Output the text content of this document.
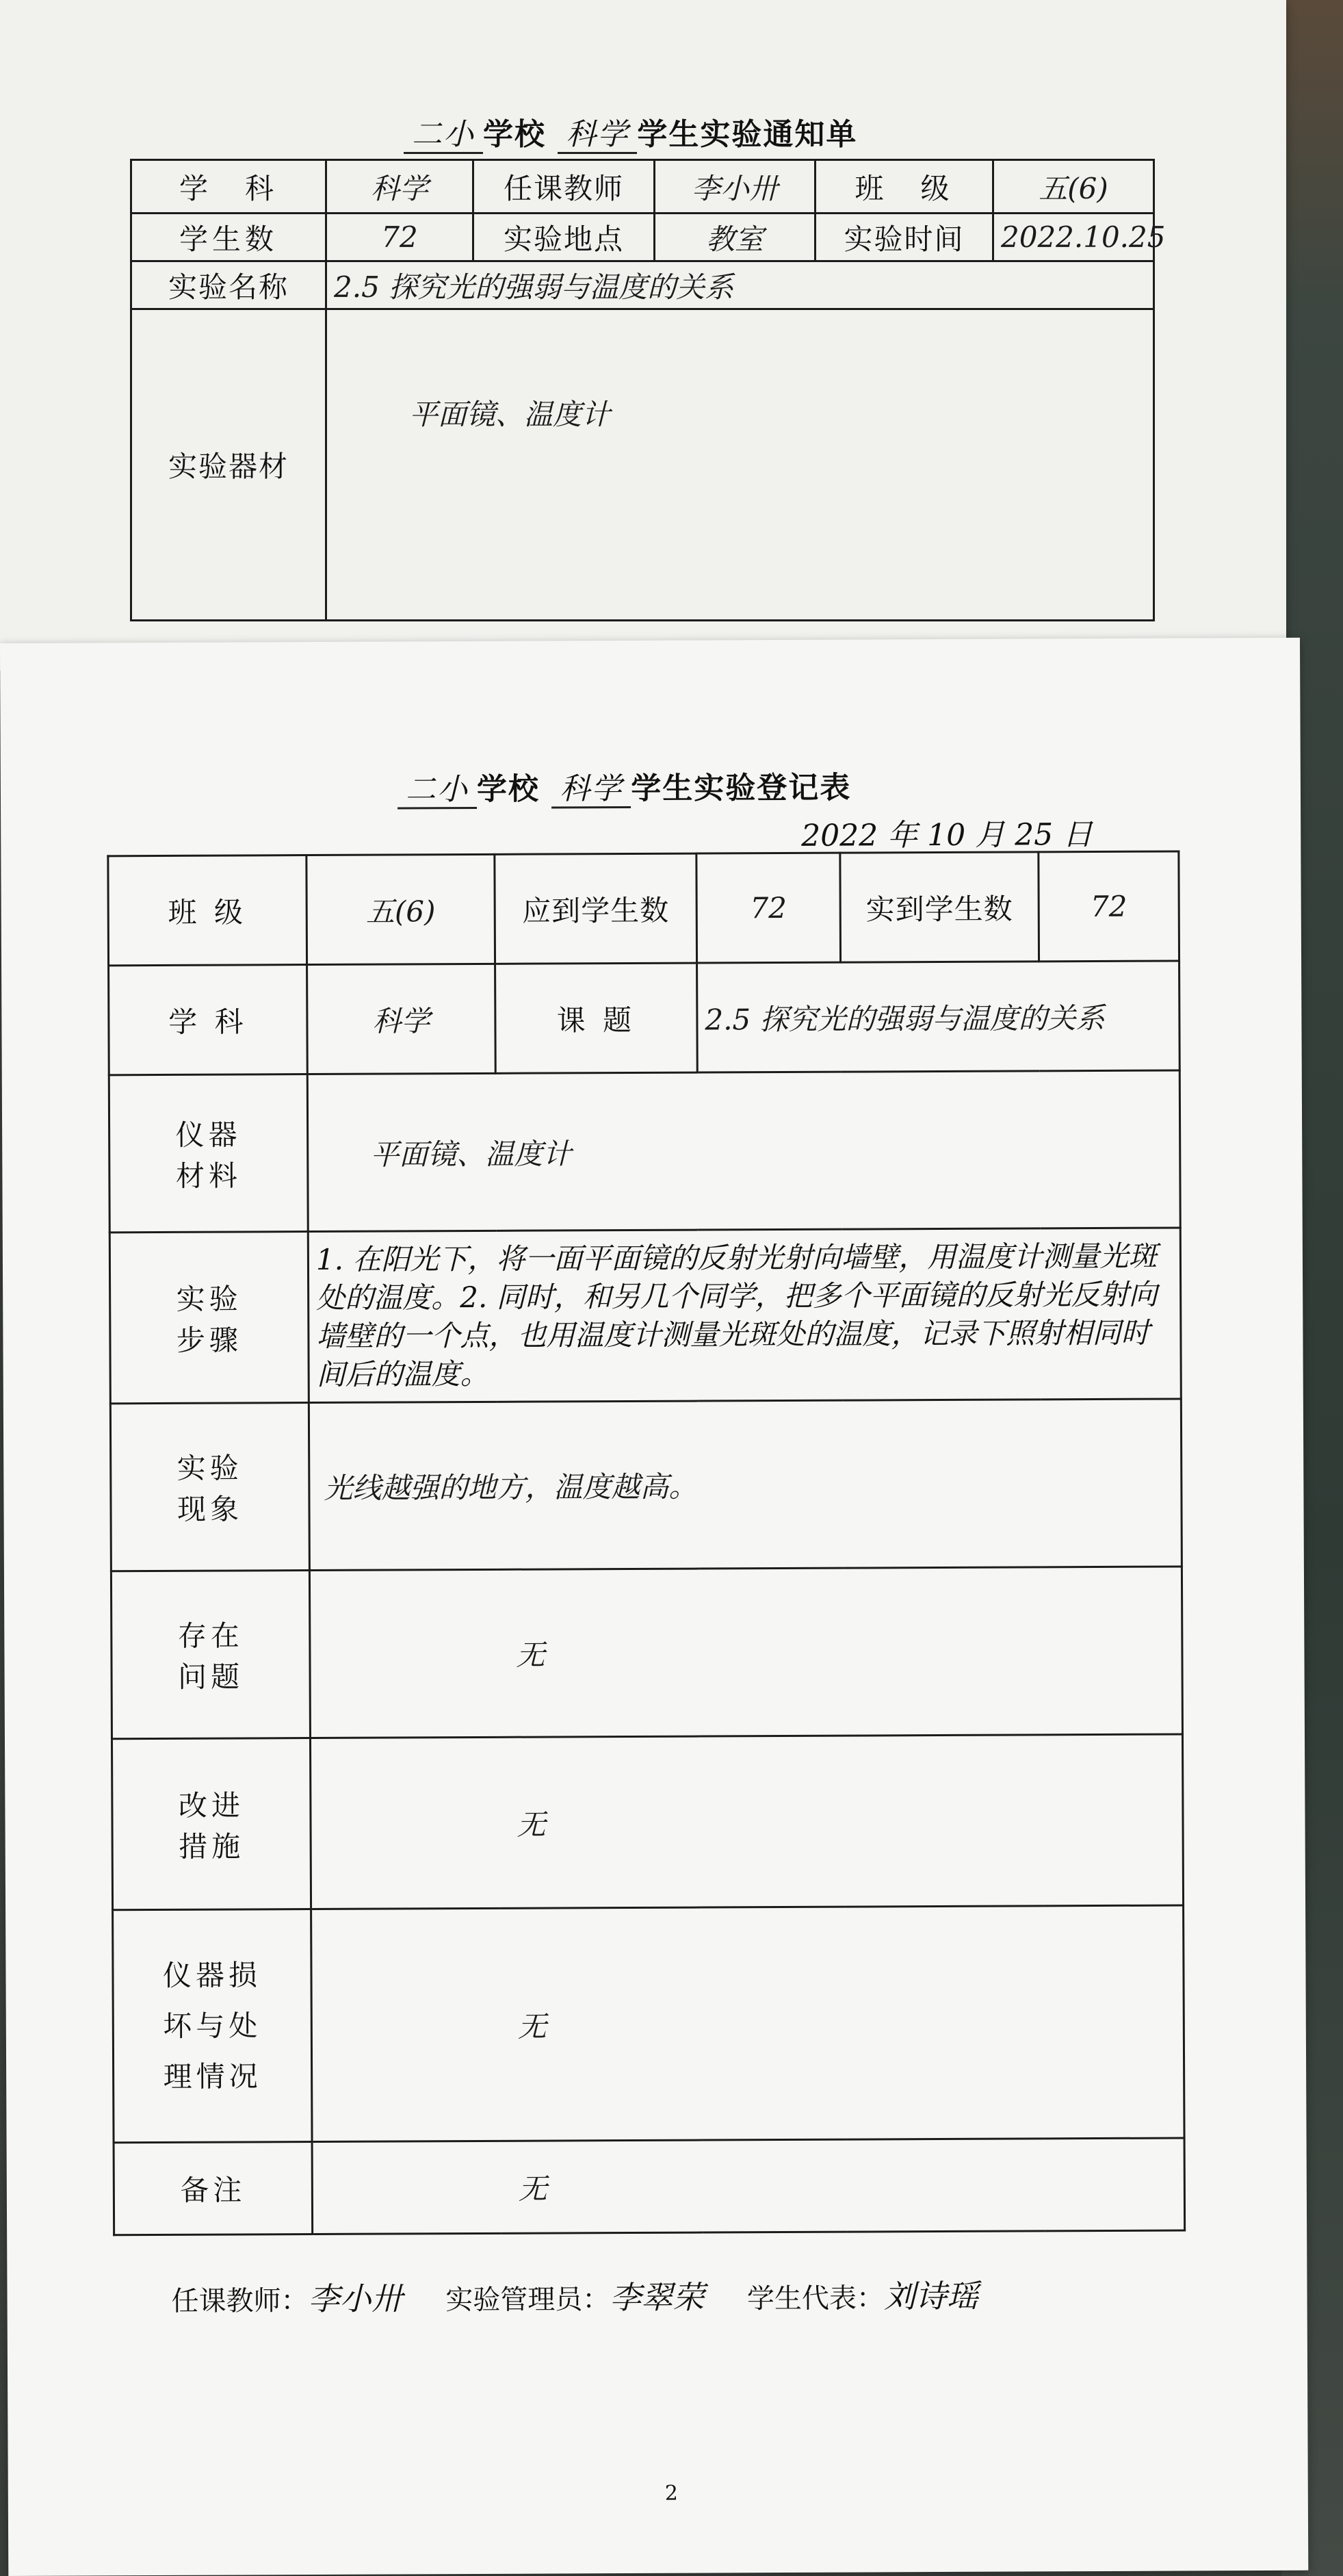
二小 学校 科学 学生实验通知单
学　科	科学	任课教师	李小卅	班　级	五(6)
学生数	72	实验地点	教室	实验时间	2022.10.25
实验名称	2.5 探究光的强弱与温度的关系				
实验器材	平面镜、温度计				
二小 学校 科学 学生实验登记表
2022 年 10 月 25 日
班 级	五(6)	应到学生数	72	实到学生数	72
学 科	科学	课 题	2.5 探究光的强弱与温度的关系		
仪器材料	平面镜、温度计				
实验步骤	1. 在阳光下，将一面平面镜的反射光射向墙壁，用温度计测量光斑处的温度。2. 同时，和另几个同学，把多个平面镜的反射光反射向墙壁的一个点，也用温度计测量光斑处的温度，记录下照射相同时间后的温度。				
实验现象	光线越强的地方，温度越高。				
存在问题	无				
改进措施	无				
仪器损坏与处理情况	无				
备注	无				
任课教师：李小卅 实验管理员：李翠荣 学生代表：刘诗瑶
2
